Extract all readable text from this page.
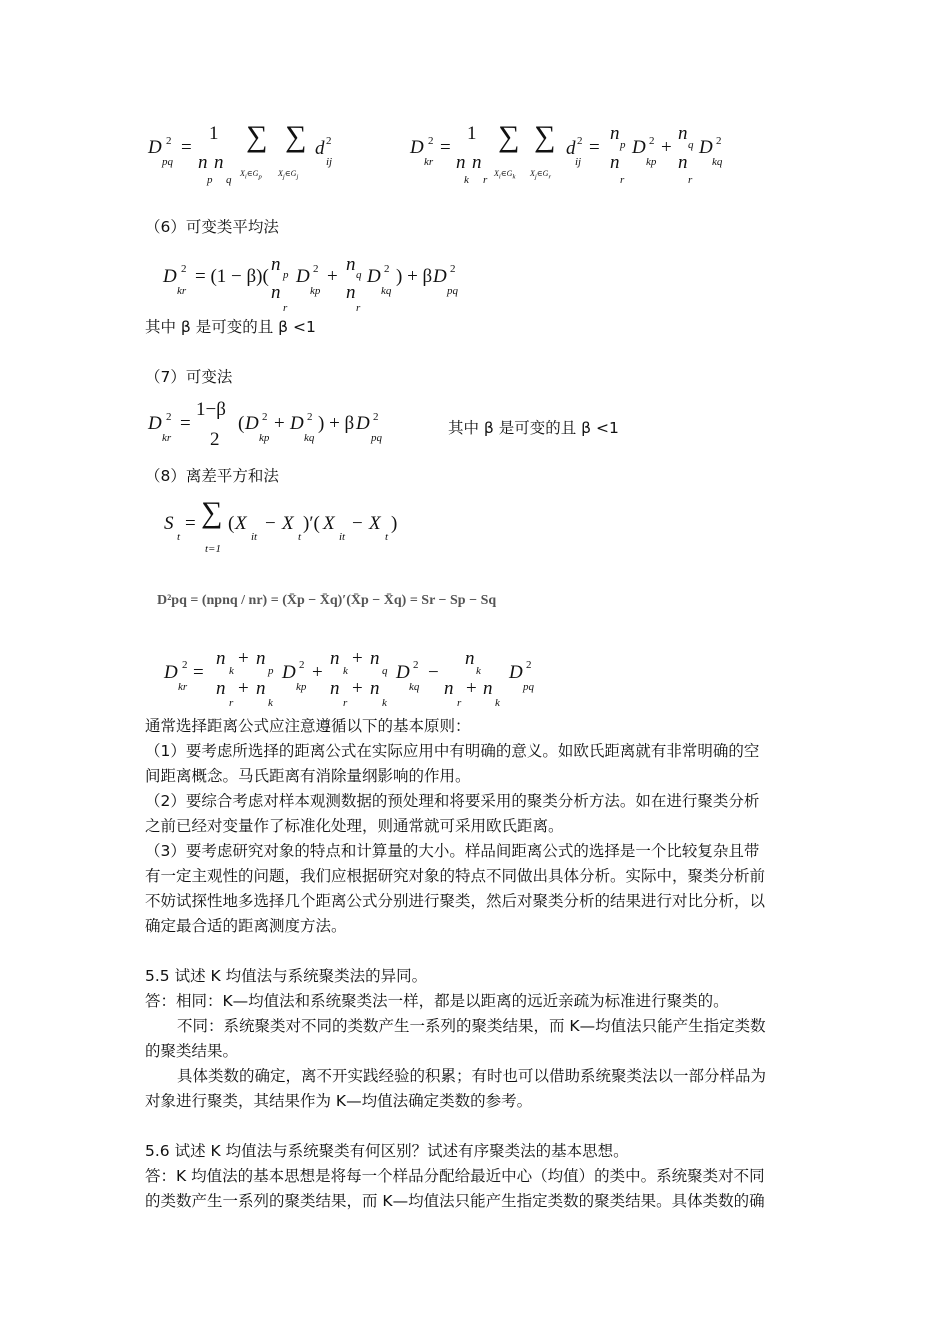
D 2
pq
=
1
n n
p q
∑ ∑
$X_i\in G_p$ $X_j\in G_j$
d 2
ij
D 2
kr
=
1
n n
k r
∑ ∑
$X_i\in G_k$ $X_j\in G_r$
d 2
ij
=
n
p
n
r
D 2
kp
+
n
q
n
r
D 2
kq
（6）可变类平均法
D 2
kr
= (1 − β)(
n p
n
r
D 2
kp
+
n q
n
r
D 2
kq
) + β D 2
pq
其中 β 是可变的且 β <1
（7）可变法
D 2
kr
=
1−β
2
( D 2
kp
+ D 2
kq
) + β D 2
pq
其中 β 是可变的且 β <1
（8）离差平方和法
S
t
= ∑
t=1
( X
it
− X
t
)′( X
it
− X
t
)
D²pq = (npnq / nr) = (X̄p − X̄q)′(X̄p − X̄q) = Sr − Sp − Sq
D 2
kr
=
n
k
+ n
p
n
r
+ n
k
D 2
kp
+
n
k
+ n
q
n
r
+ n
k
D 2
kq
−
n
k
n
r
+ n
k
D 2
pq
通常选择距离公式应注意遵循以下的基本原则：
（1）要考虑所选择的距离公式在实际应用中有明确的意义。如欧氏距离就有非常明确的空
间距离概念。马氏距离有消除量纲影响的作用。
（2）要综合考虑对样本观测数据的预处理和将要采用的聚类分析方法。如在进行聚类分析
之前已经对变量作了标准化处理，则通常就可采用欧氏距离。
（3）要考虑研究对象的特点和计算量的大小。样品间距离公式的选择是一个比较复杂且带
有一定主观性的问题，我们应根据研究对象的特点不同做出具体分析。实际中，聚类分析前
不妨试探性地多选择几个距离公式分别进行聚类，然后对聚类分析的结果进行对比分析，以
确定最合适的距离测度方法。
5.5 试述 K 均值法与系统聚类法的异同。
答：相同：K—均值法和系统聚类法一样，都是以距离的远近亲疏为标准进行聚类的。
不同：系统聚类对不同的类数产生一系列的聚类结果，而 K—均值法只能产生指定类数
的聚类结果。
具体类数的确定，离不开实践经验的积累；有时也可以借助系统聚类法以一部分样品为
对象进行聚类，其结果作为 K—均值法确定类数的参考。
5.6 试述 K 均值法与系统聚类有何区别？试述有序聚类法的基本思想。
答：K 均值法的基本思想是将每一个样品分配给最近中心（均值）的类中。系统聚类对不同
的类数产生一系列的聚类结果，而 K—均值法只能产生指定类数的聚类结果。具体类数的确
